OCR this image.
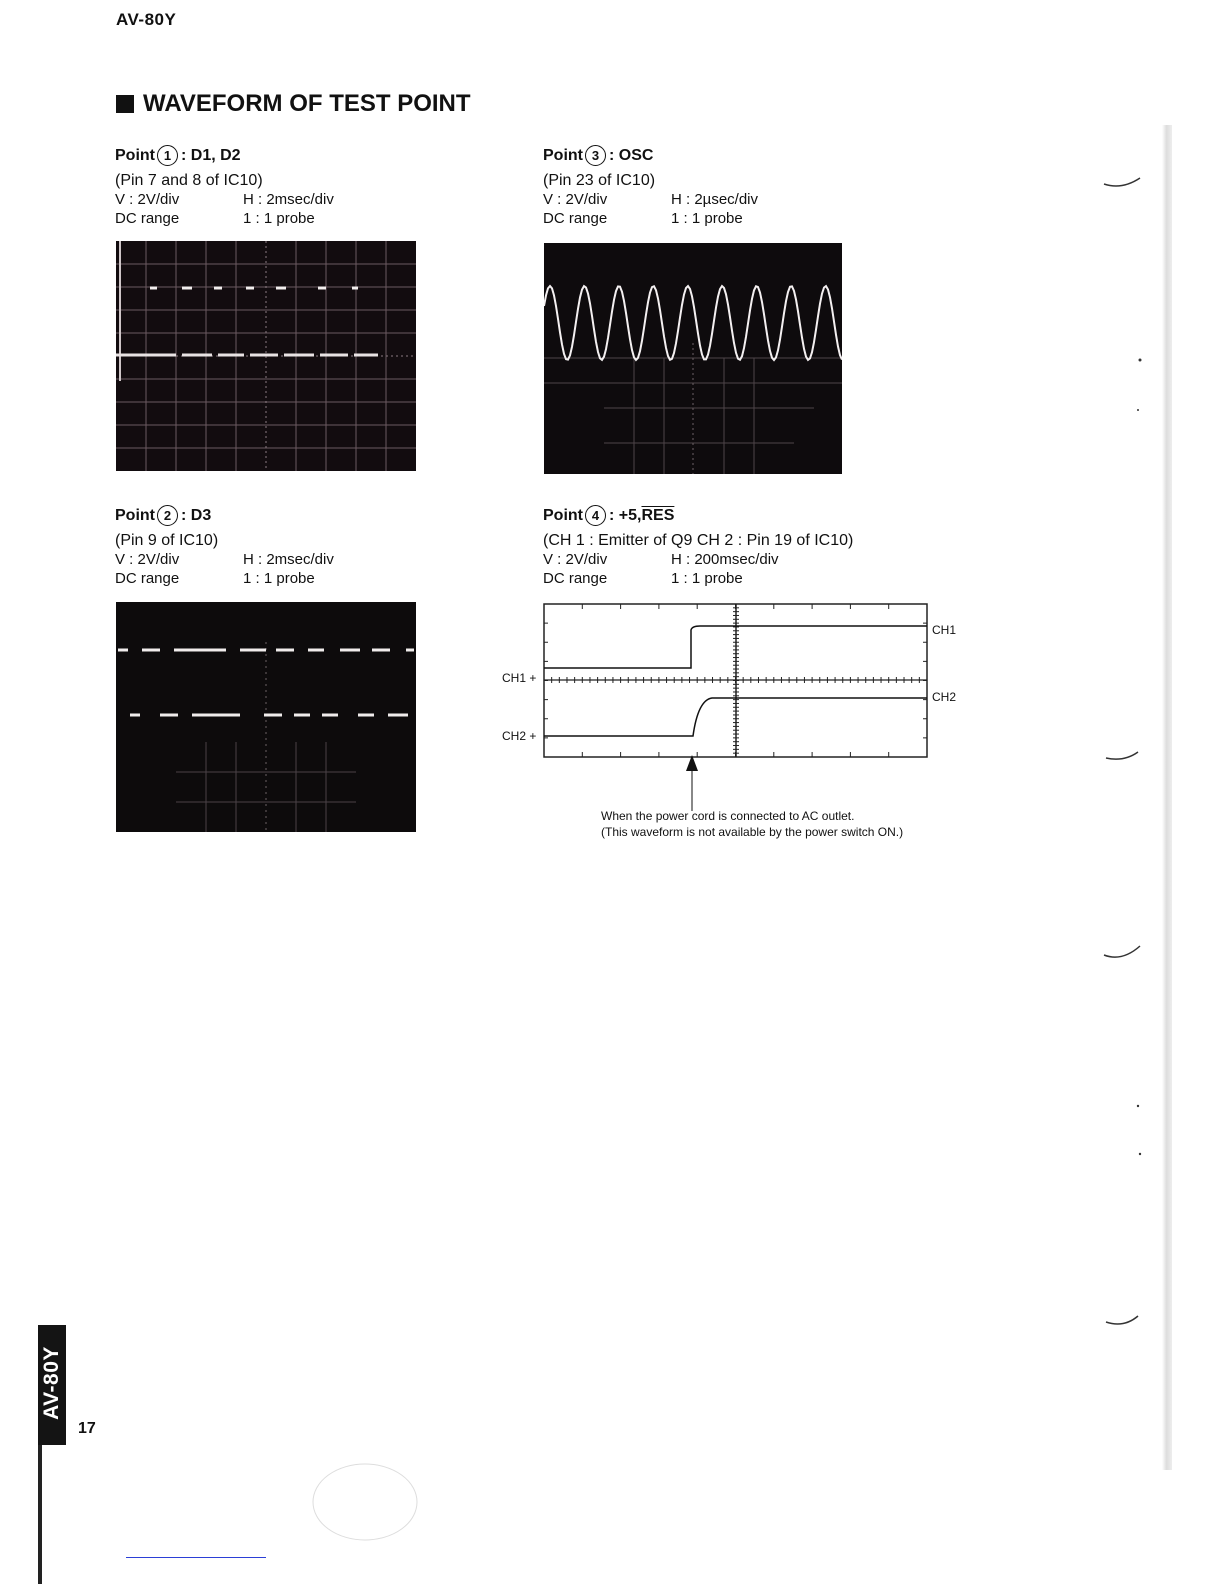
AV-80Y
WAVEFORM OF TEST POINT
Point 1 : D1, D2
(Pin 7 and 8 of IC10)
V : 2V/div	H : 2msec/div
DC range	1 : 1 probe
Point 2 : D3
(Pin 9 of IC10)
V : 2V/div	H : 2msec/div
DC range	1 : 1 probe
Point 3 : OSC
(Pin 23 of IC10)
V : 2V/div	H : 2µsec/div
DC range	1 : 1 probe
Point 4 : +5, $\overline{RES}$
(CH 1 : Emitter of Q9 CH 2 : Pin 19 of IC10)
V : 2V/div	H : 200msec/div
DC range	1 : 1 probe
CH1
CH2
CH1 +
CH2 +
When the power cord is connected to AC outlet.
(This waveform is not available by the power switch ON.)
AV-80Y
17
